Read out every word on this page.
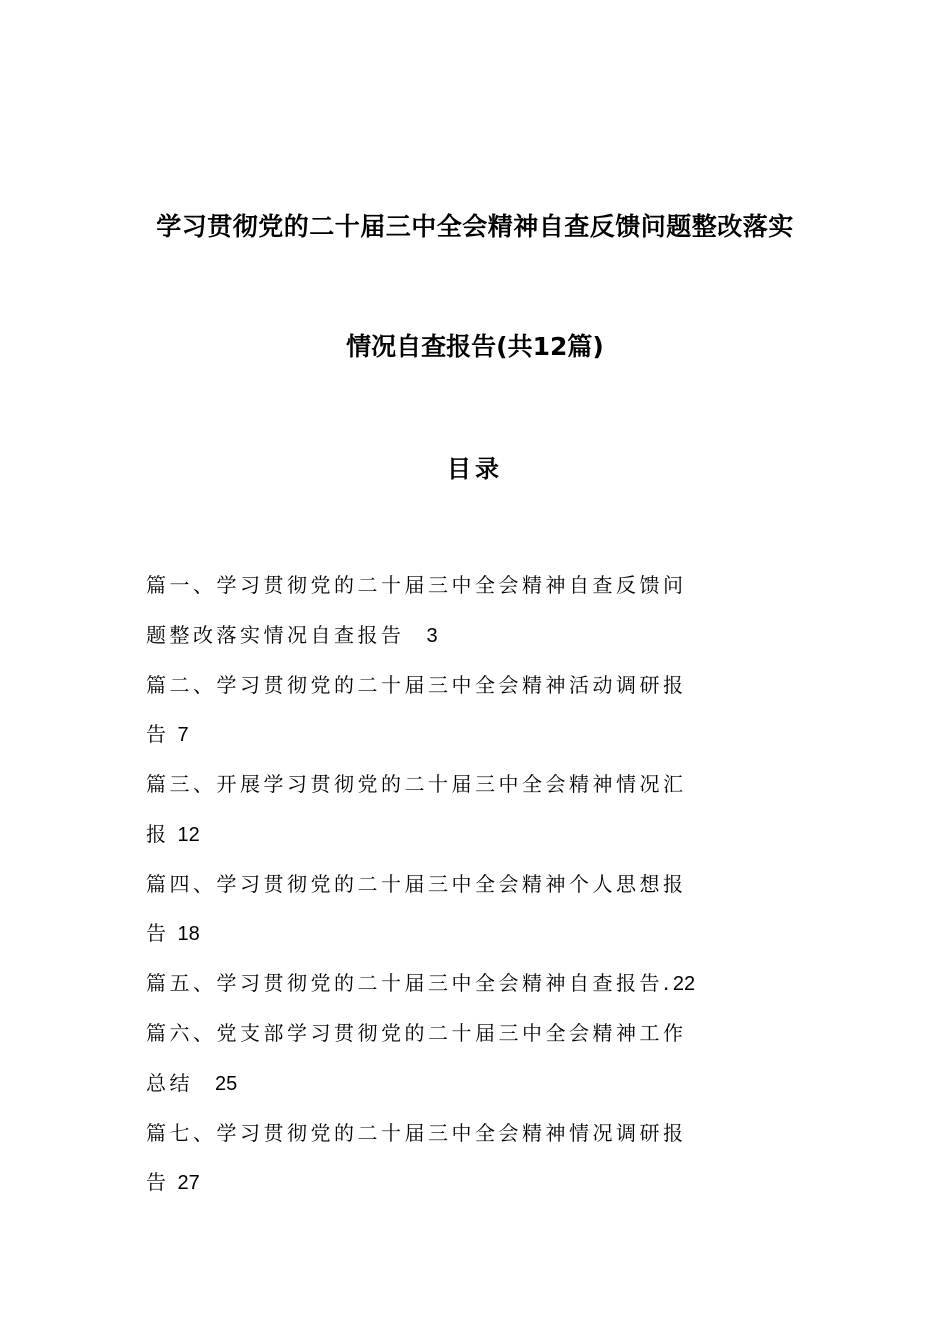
学习贯彻党的二十届三中全会精神自查反馈问题整改落实
情况自查报告(共12篇)
目录
篇一、学习贯彻党的二十届三中全会精神自查反馈问
题整改落实情况自查报告 3
篇二、学习贯彻党的二十届三中全会精神活动调研报
告 7
篇三、开展学习贯彻党的二十届三中全会精神情况汇
报 12
篇四、学习贯彻党的二十届三中全会精神个人思想报
告 18
篇五、学习贯彻党的二十届三中全会精神自查报告.22
篇六、党支部学习贯彻党的二十届三中全会精神工作
总结 25
篇七、学习贯彻党的二十届三中全会精神情况调研报
告 27
